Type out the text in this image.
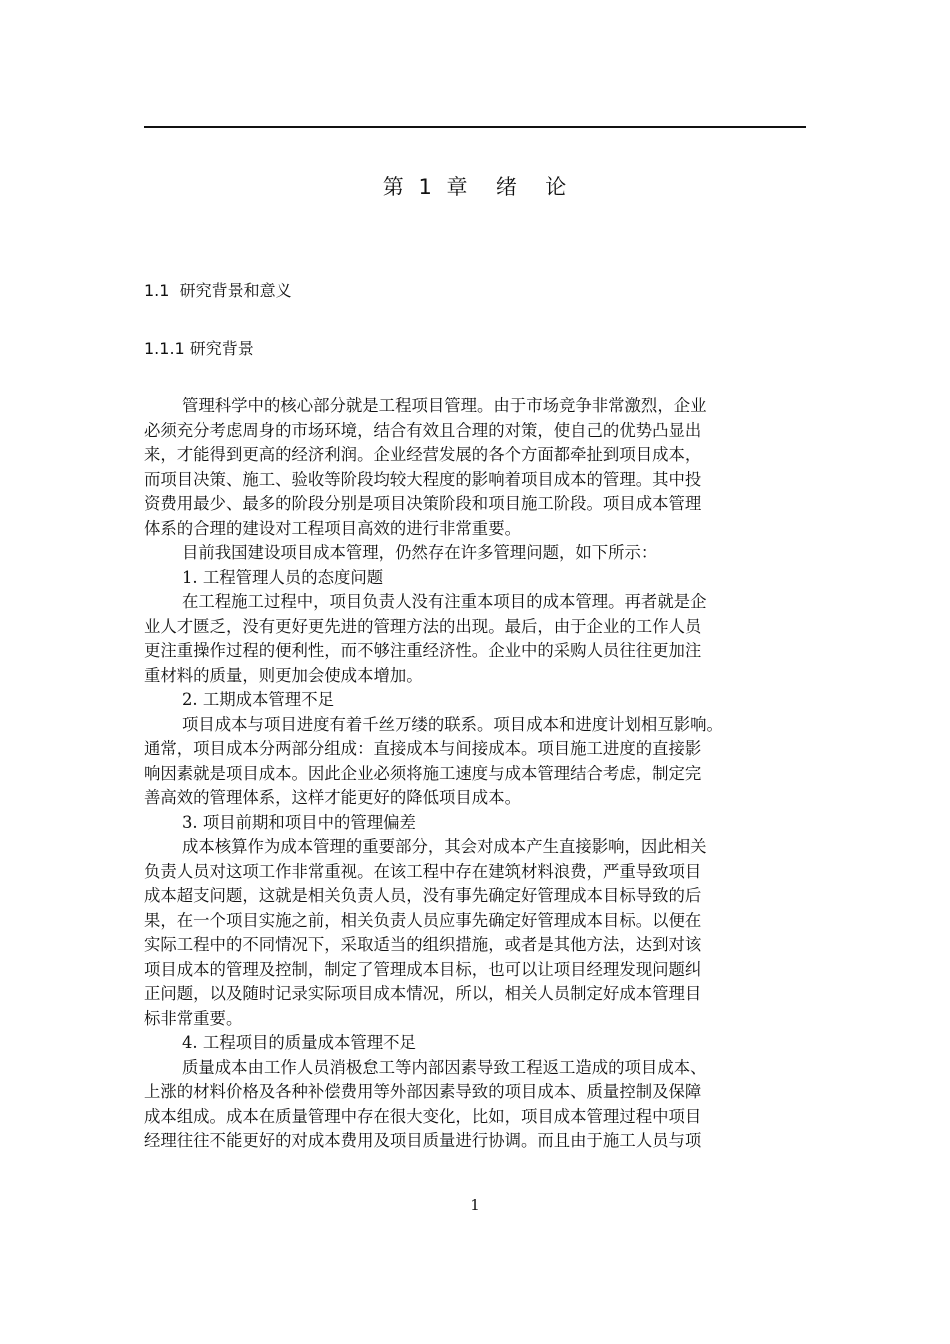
第 1 章  绪  论
1.1  研究背景和意义
1.1.1 研究背景
管理科学中的核心部分就是工程项目管理。由于市场竞争非常激烈，企业
必须充分考虑周身的市场环境，结合有效且合理的对策，使自己的优势凸显出
来，才能得到更高的经济利润。企业经营发展的各个方面都牵扯到项目成本，
而项目决策、施工、验收等阶段均较大程度的影响着项目成本的管理。其中投
资费用最少、最多的阶段分别是项目决策阶段和项目施工阶段。项目成本管理
体系的合理的建设对工程项目高效的进行非常重要。
目前我国建设项目成本管理，仍然存在许多管理问题，如下所示：
1. 工程管理人员的态度问题
在工程施工过程中，项目负责人没有注重本项目的成本管理。再者就是企
业人才匮乏，没有更好更先进的管理方法的出现。最后，由于企业的工作人员
更注重操作过程的便利性，而不够注重经济性。企业中的采购人员往往更加注
重材料的质量，则更加会使成本增加。
2. 工期成本管理不足
项目成本与项目进度有着千丝万缕的联系。项目成本和进度计划相互影响。
通常，项目成本分两部分组成：直接成本与间接成本。项目施工进度的直接影
响因素就是项目成本。因此企业必须将施工速度与成本管理结合考虑，制定完
善高效的管理体系，这样才能更好的降低项目成本。
3. 项目前期和项目中的管理偏差
成本核算作为成本管理的重要部分，其会对成本产生直接影响，因此相关
负责人员对这项工作非常重视。在该工程中存在建筑材料浪费，严重导致项目
成本超支问题，这就是相关负责人员，没有事先确定好管理成本目标导致的后
果，在一个项目实施之前，相关负责人员应事先确定好管理成本目标。以便在
实际工程中的不同情况下，采取适当的组织措施，或者是其他方法，达到对该
项目成本的管理及控制，制定了管理成本目标，也可以让项目经理发现问题纠
正问题，以及随时记录实际项目成本情况，所以，相关人员制定好成本管理目
标非常重要。
4. 工程项目的质量成本管理不足
质量成本由工作人员消极怠工等内部因素导致工程返工造成的项目成本、
上涨的材料价格及各种补偿费用等外部因素导致的项目成本、质量控制及保障
成本组成。成本在质量管理中存在很大变化，比如，项目成本管理过程中项目
经理往往不能更好的对成本费用及项目质量进行协调。而且由于施工人员与项
1
